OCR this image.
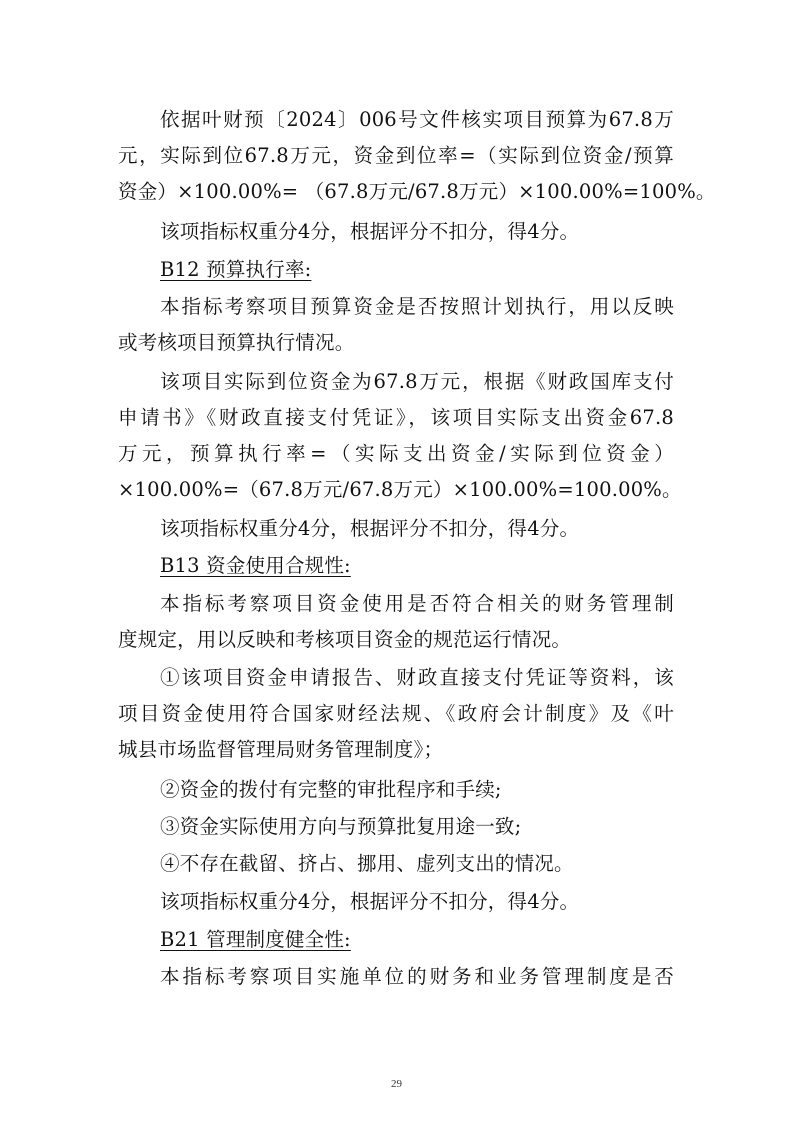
依据叶财预〔2024〕006号文件核实项目预算为67.8万
元，实际到位67.8万元，资金到位率=（实际到位资金/预算
资金）×100.00%= （67.8万元/67.8万元）×100.00%=100%。
该项指标权重分4分，根据评分不扣分，得4分。
B12 预算执行率:
本指标考察项目预算资金是否按照计划执行，用以反映
或考核项目预算执行情况。
该项目实际到位资金为67.8万元，根据《财政国库支付
申请书》《财政直接支付凭证》，该项目实际支出资金67.8
万元，预算执行率=（实际支出资金/实际到位资金）
×100.00%=（67.8万元/67.8万元）×100.00%=100.00%。
该项指标权重分4分，根据评分不扣分，得4分。
B13 资金使用合规性:
本指标考察项目资金使用是否符合相关的财务管理制
度规定，用以反映和考核项目资金的规范运行情况。
①该项目资金申请报告、财政直接支付凭证等资料，该
项目资金使用符合国家财经法规、《政府会计制度》及《叶
城县市场监督管理局财务管理制度》；
②资金的拨付有完整的审批程序和手续;
③资金实际使用方向与预算批复用途一致;
④不存在截留、挤占、挪用、虚列支出的情况。
该项指标权重分4分，根据评分不扣分，得4分。
B21 管理制度健全性:
本指标考察项目实施单位的财务和业务管理制度是否
29
